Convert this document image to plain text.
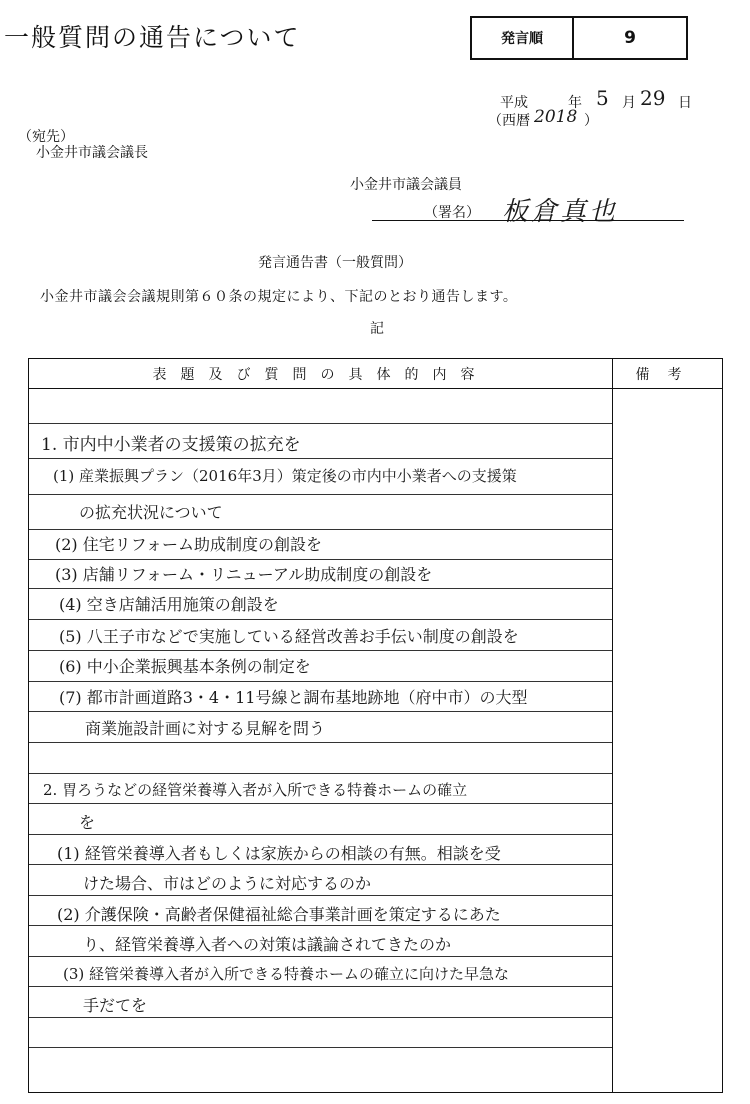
一般質問の通告について	発言順	9
平成	年 5 月 29 日
（西暦 2018 ）
（宛先）
小金井市議会議長
小金井市議会議員
（署名） 板倉真也
発言通告書（一般質問）
小金井市議会会議規則第６０条の規定により、下記のとおり通告します。
記
表題及び質問の具体的内容	備考
1. 市内中小業者の支援策の拡充を
(1) 産業振興プラン（2016年3月）策定後の市内中小業者への支援策
の拡充状況について
(2) 住宅リフォーム助成制度の創設を
(3) 店舗リフォーム・リニューアル助成制度の創設を
(4) 空き店舗活用施策の創設を
(5) 八王子市などで実施している経営改善お手伝い制度の創設を
(6) 中小企業振興基本条例の制定を
(7) 都市計画道路3・4・11号線と調布基地跡地（府中市）の大型
商業施設計画に対する見解を問う
2. 胃ろうなどの経管栄養導入者が入所できる特養ホームの確立
を
(1) 経管栄養導入者もしくは家族からの相談の有無。相談を受
けた場合、市はどのように対応するのか
(2) 介護保険・高齢者保健福祉総合事業計画を策定するにあた
り、経管栄養導入者への対策は議論されてきたのか
(3) 経管栄養導入者が入所できる特養ホームの確立に向けた早急な
手だてを
